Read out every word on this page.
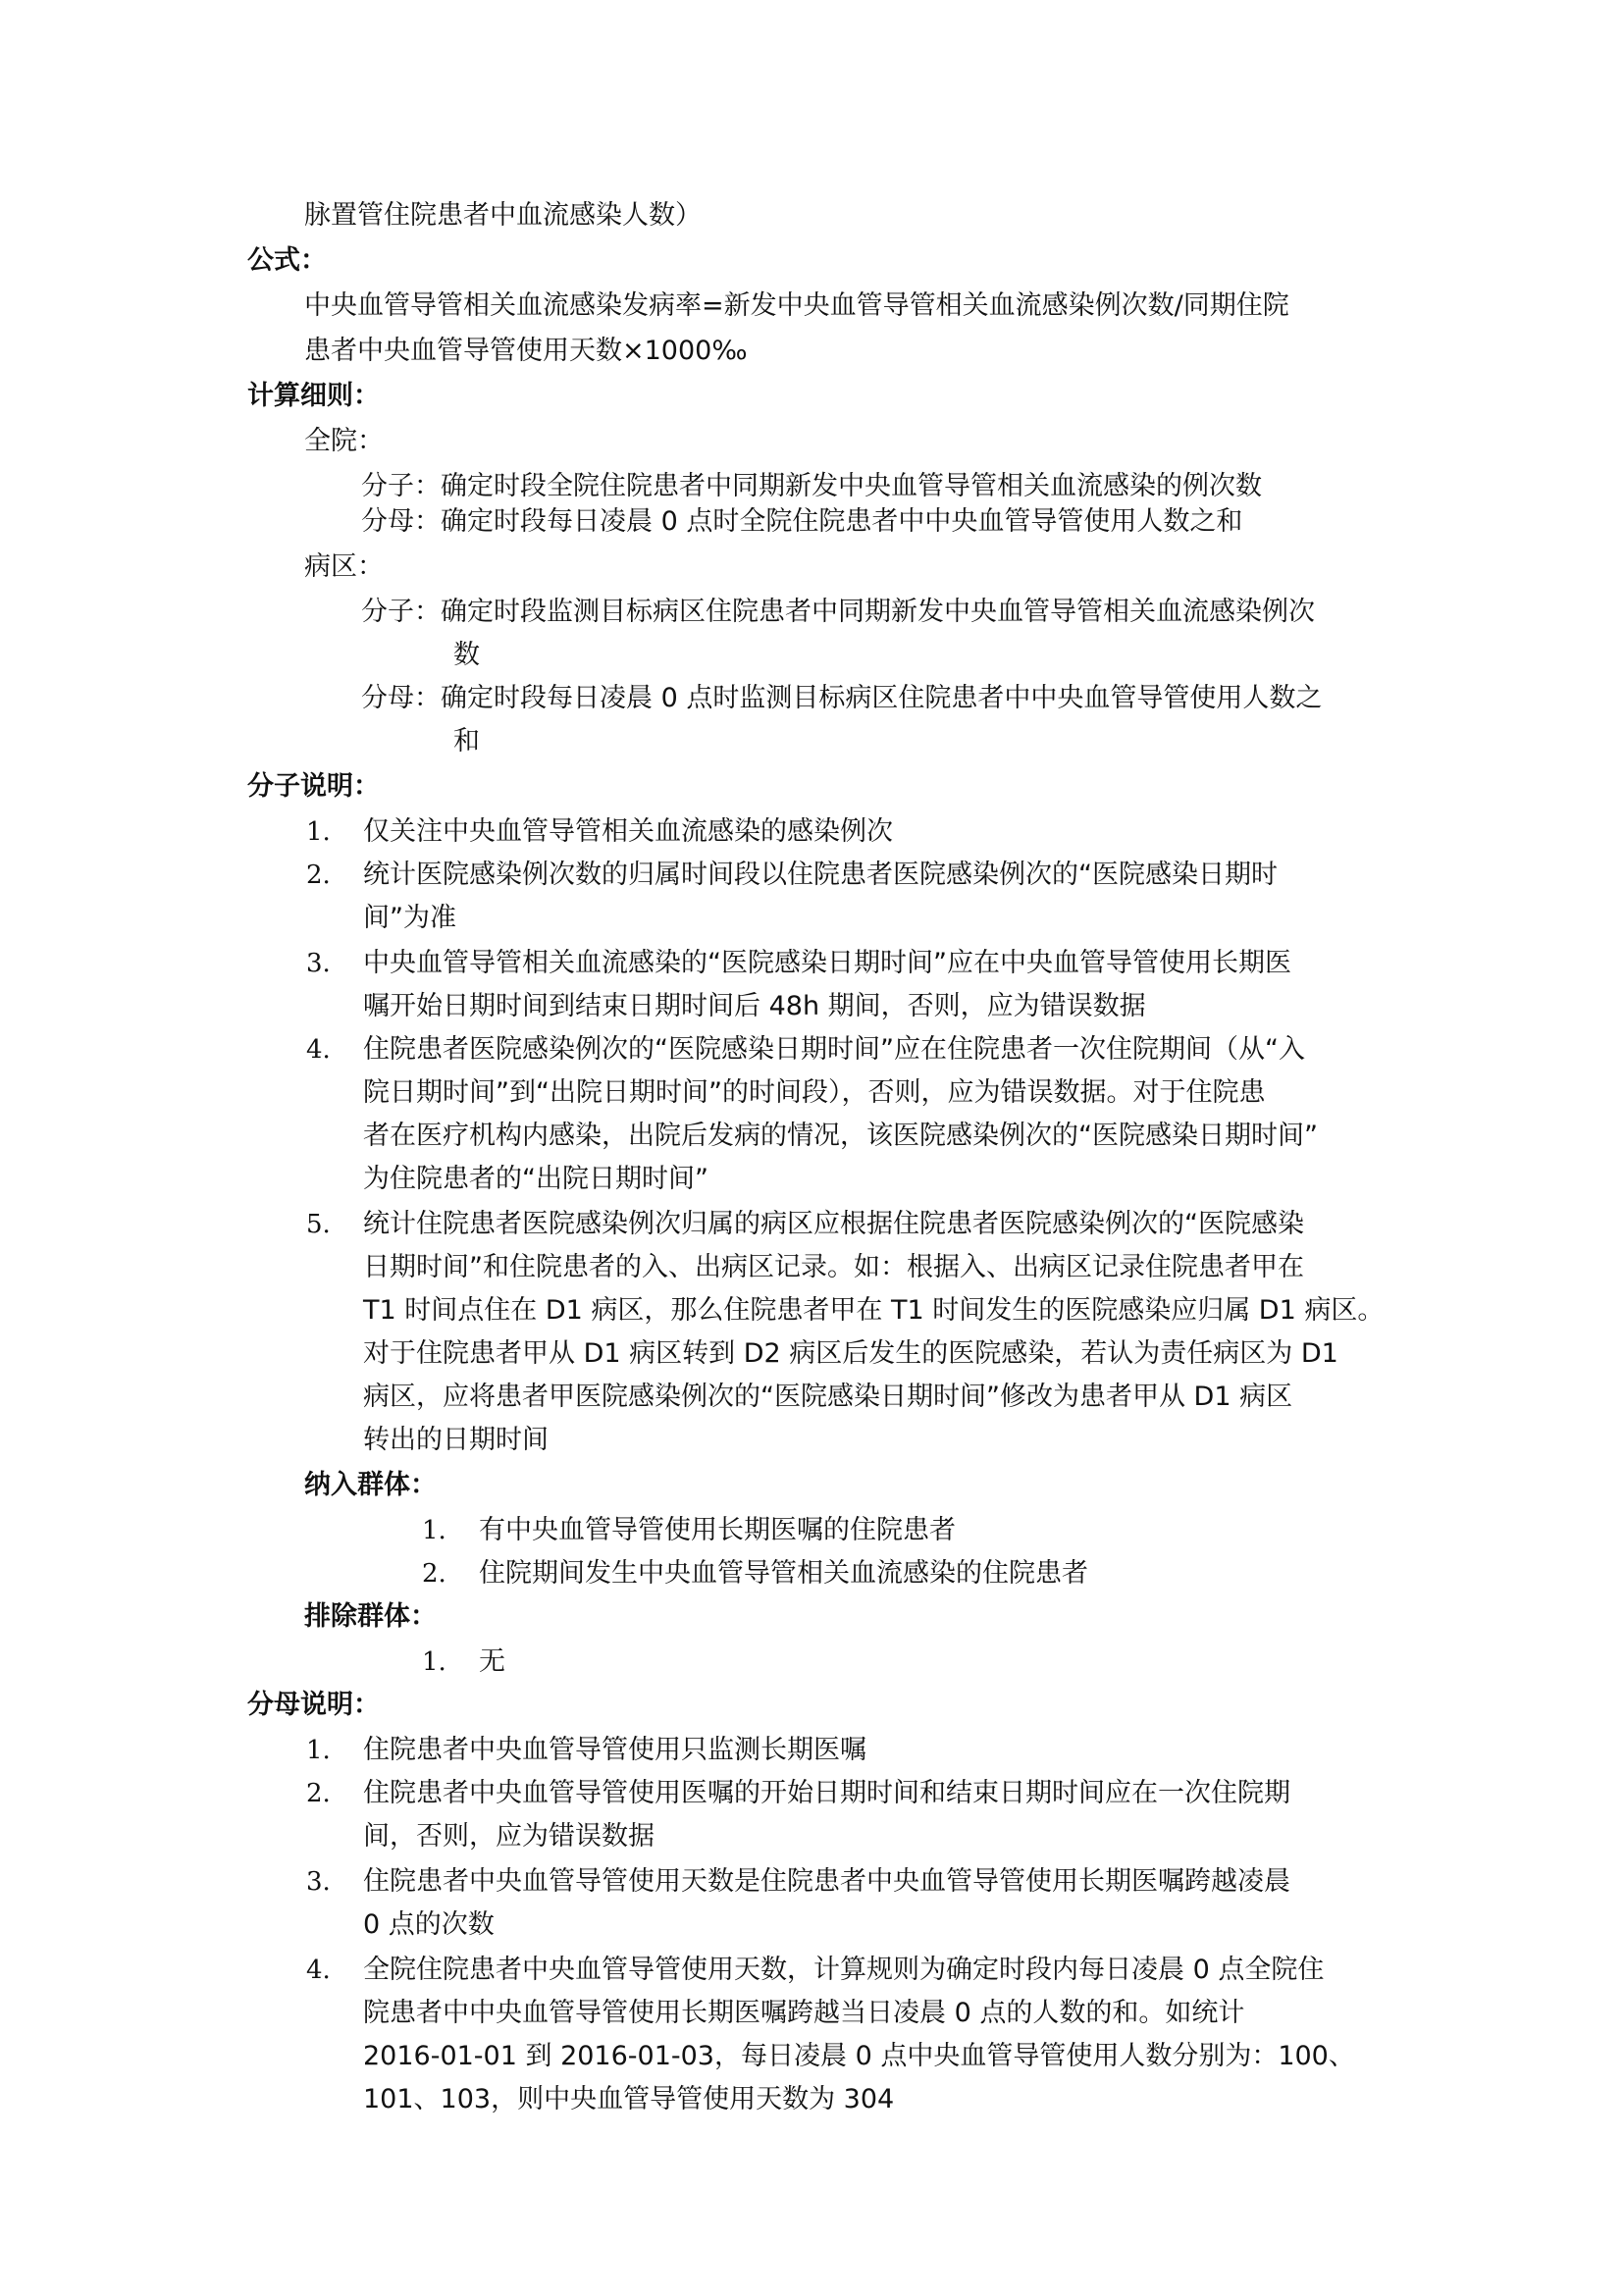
脉置管住院患者中血流感染人数）
公式：
中央血管导管相关血流感染发病率=新发中央血管导管相关血流感染例次数/同期住院
患者中央血管导管使用天数×1000‰
计算细则：
全院：
分子：确定时段全院住院患者中同期新发中央血管导管相关血流感染的例次数
分母：确定时段每日凌晨 0 点时全院住院患者中中央血管导管使用人数之和
病区：
分子：确定时段监测目标病区住院患者中同期新发中央血管导管相关血流感染例次
数
分母：确定时段每日凌晨 0 点时监测目标病区住院患者中中央血管导管使用人数之
和
分子说明：
1. 仅关注中央血管导管相关血流感染的感染例次
2. 统计医院感染例次数的归属时间段以住院患者医院感染例次的“医院感染日期时
间”为准
3. 中央血管导管相关血流感染的“医院感染日期时间”应在中央血管导管使用长期医
嘱开始日期时间到结束日期时间后 48h 期间，否则，应为错误数据
4. 住院患者医院感染例次的“医院感染日期时间”应在住院患者一次住院期间（从“入
院日期时间”到“出院日期时间”的时间段），否则，应为错误数据。对于住院患
者在医疗机构内感染，出院后发病的情况，该医院感染例次的“医院感染日期时间”
为住院患者的“出院日期时间”
5. 统计住院患者医院感染例次归属的病区应根据住院患者医院感染例次的“医院感染
日期时间”和住院患者的入、出病区记录。如：根据入、出病区记录住院患者甲在
T1 时间点住在 D1 病区，那么住院患者甲在 T1 时间发生的医院感染应归属 D1 病区。
对于住院患者甲从 D1 病区转到 D2 病区后发生的医院感染，若认为责任病区为 D1
病区，应将患者甲医院感染例次的“医院感染日期时间”修改为患者甲从 D1 病区
转出的日期时间
纳入群体：
1. 有中央血管导管使用长期医嘱的住院患者
2. 住院期间发生中央血管导管相关血流感染的住院患者
排除群体：
1. 无
分母说明：
1. 住院患者中央血管导管使用只监测长期医嘱
2. 住院患者中央血管导管使用医嘱的开始日期时间和结束日期时间应在一次住院期
间，否则，应为错误数据
3. 住院患者中央血管导管使用天数是住院患者中央血管导管使用长期医嘱跨越凌晨
0 点的次数
4. 全院住院患者中央血管导管使用天数，计算规则为确定时段内每日凌晨 0 点全院住
院患者中中央血管导管使用长期医嘱跨越当日凌晨 0 点的人数的和。如统计
2016-01-01 到 2016-01-03，每日凌晨 0 点中央血管导管使用人数分别为：100、
101、103，则中央血管导管使用天数为 304
